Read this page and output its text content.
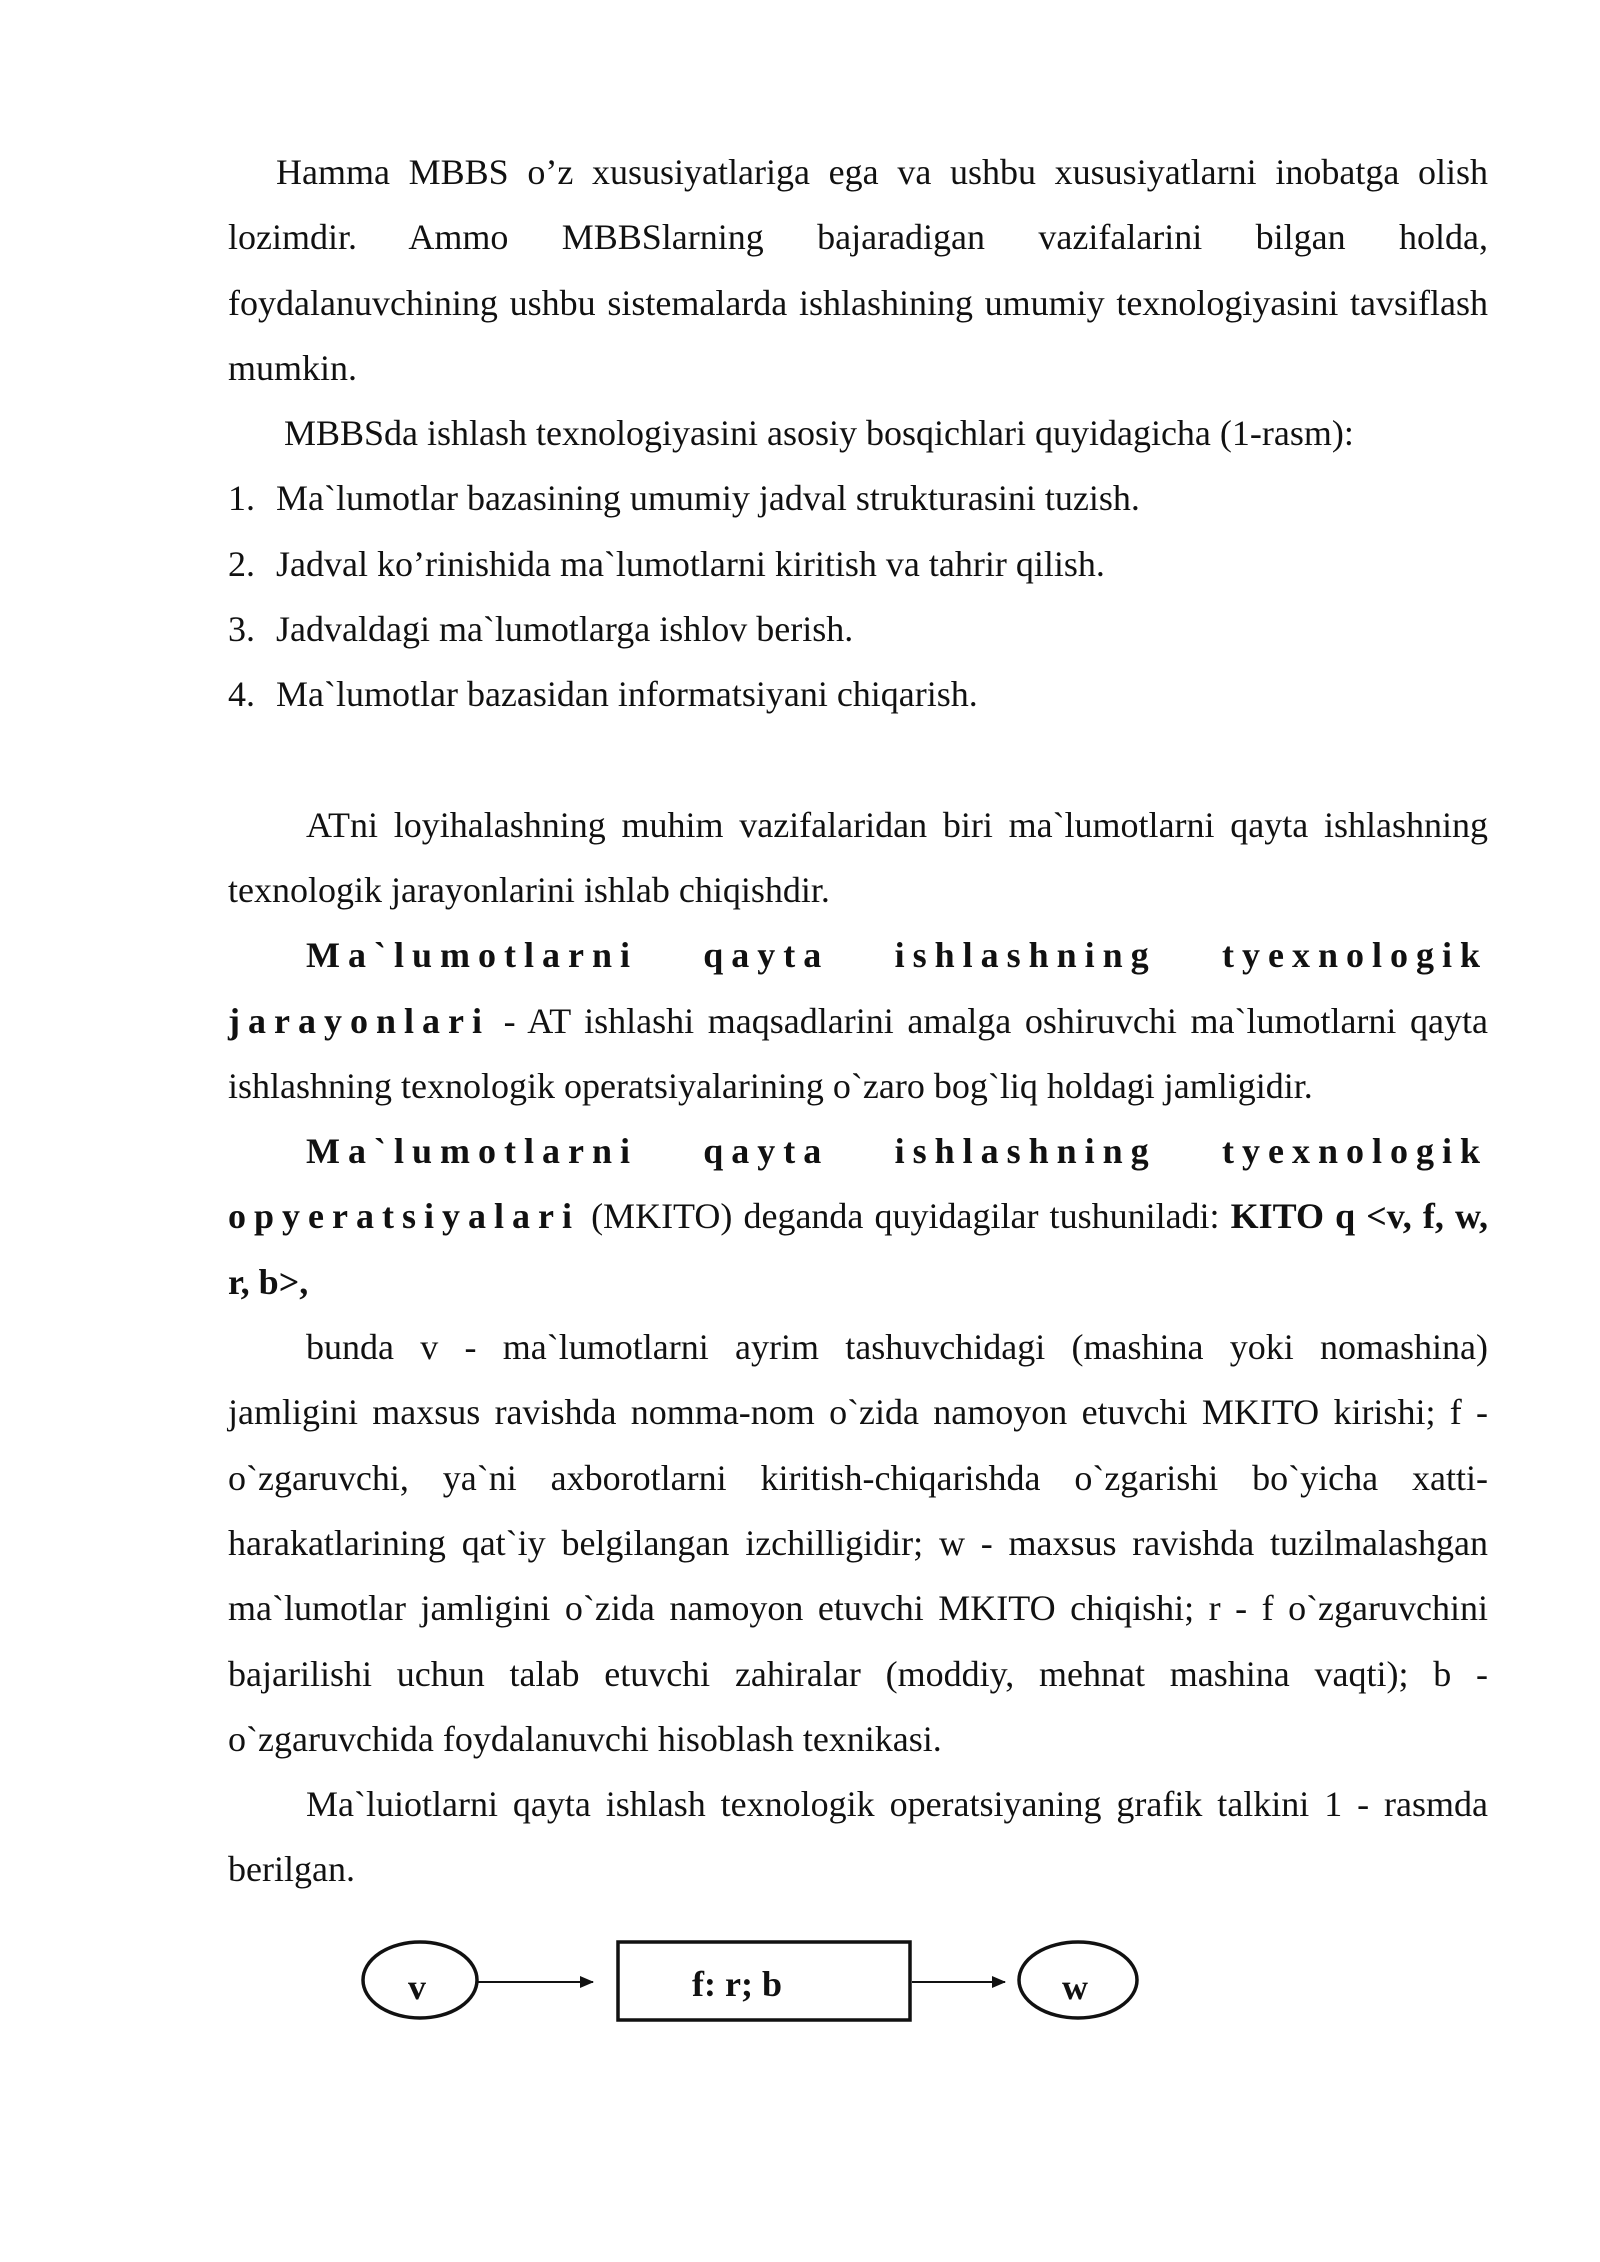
Hamma MBBS o’z xususiyatlariga ega va ushbu xususiyatlarni inobatga olish lozimdir. Ammo MBBSlarning bajaradigan vazifalarini bilgan holda, foydalanuvchining ushbu sistemalarda ishlashining umumiy texnologiyasini tavsiflash mumkin.

MBBSda ishlash texnologiyasini asosiy bosqichlari quyidagicha (1-rasm):

1. Ma`lumotlar bazasining umumiy jadval strukturasini tuzish.
2. Jadval ko’rinishida ma`lumotlarni kiritish va tahrir qilish.
3. Jadvaldagi ma`lumotlarga ishlov berish.
4. Ma`lumotlar bazasidan informatsiyani chiqarish.

ATni loyihalashning muhim vazifalaridan biri ma`lumotlarni qayta ishlashning texnologik jarayonlarini ishlab chiqishdir.

Ma`lumotlarni qayta ishlashning tyexnologik jarayonlari - AT ishlashi maqsadlarini amalga oshiruvchi ma`lumotlarni qayta ishlashning texnologik operatsiyalarining o`zaro bog`liq holdagi jamligidir.

Ma`lumotlarni qayta ishlashning tyexnologik opyeratsiyalari (MKITO) deganda quyidagilar tushuniladi: KITO q <v, f, w, r, b>,

bunda v - ma`lumotlarni ayrim tashuvchidagi (mashina yoki nomashina) jamligini maxsus ravishda nomma-nom o`zida namoyon etuvchi MKITO kirishi; f - o`zgaruvchi, ya`ni axborotlarni kiritish-chiqarishda o`zgarishi bo`yicha xatti-harakatlarining qat`iy belgilangan izchilligidir; w - maxsus ravishda tuzilmalashgan ma`lumotlar jamligini o`zida namoyon etuvchi MKITO chiqishi; r - f o`zgaruvchini bajarilishi uchun talab etuvchi zahiralar (moddiy, mehnat mashina vaqti); b - o`zgaruvchida foydalanuvchi hisoblash texnikasi.

Ma`luiotlarni qayta ishlash texnologik operatsiyaning grafik talkini 1 - rasmda berilgan.

v	f: r; b	w
